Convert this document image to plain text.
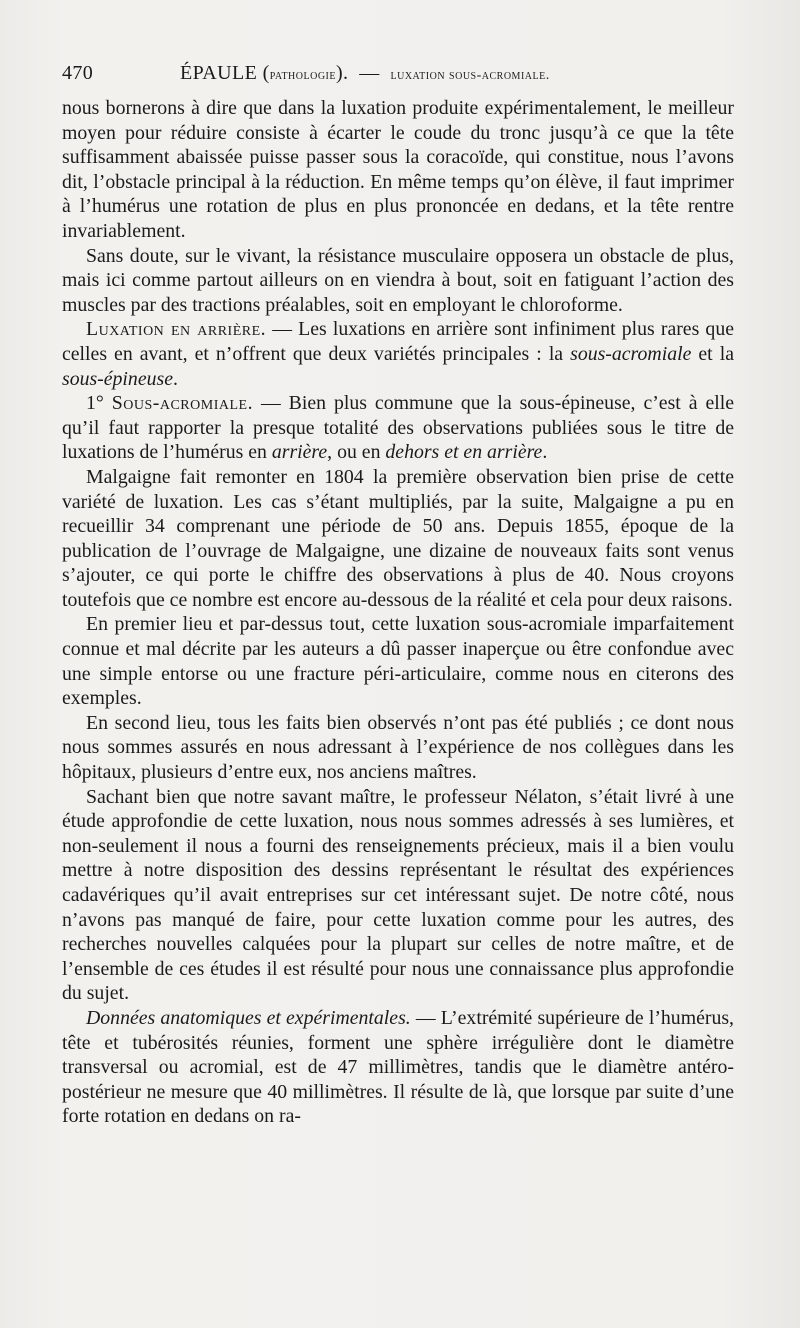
470	ÉPAULE (pathologie). — luxation sous-acromiale.

nous bornerons à dire que dans la luxation produite expérimentalement, le meilleur moyen pour réduire consiste à écarter le coude du tronc jusqu’à ce que la tête suffisamment abaissée puisse passer sous la coracoïde, qui constitue, nous l’avons dit, l’obstacle principal à la réduction. En même temps qu’on élève, il faut imprimer à l’humérus une rotation de plus en plus prononcée en dedans, et la tête rentre invariablement.

Sans doute, sur le vivant, la résistance musculaire opposera un obstacle de plus, mais ici comme partout ailleurs on en viendra à bout, soit en fatiguant l’action des muscles par des tractions préalables, soit en employant le chloroforme.

Luxation en arrière. — Les luxations en arrière sont infiniment plus rares que celles en avant, et n’offrent que deux variétés principales : la sous-acromiale et la sous-épineuse.

1° Sous-acromiale. — Bien plus commune que la sous-épineuse, c’est à elle qu’il faut rapporter la presque totalité des observations publiées sous le titre de luxations de l’humérus en arrière, ou en dehors et en arrière.

Malgaigne fait remonter en 1804 la première observation bien prise de cette variété de luxation. Les cas s’étant multipliés, par la suite, Malgaigne a pu en recueillir 34 comprenant une période de 50 ans. Depuis 1855, époque de la publication de l’ouvrage de Malgaigne, une dizaine de nouveaux faits sont venus s’ajouter, ce qui porte le chiffre des observations à plus de 40. Nous croyons toutefois que ce nombre est encore au-dessous de la réalité et cela pour deux raisons.

En premier lieu et par-dessus tout, cette luxation sous-acromiale imparfaitement connue et mal décrite par les auteurs a dû passer inaperçue ou être confondue avec une simple entorse ou une fracture péri-articulaire, comme nous en citerons des exemples.

En second lieu, tous les faits bien observés n’ont pas été publiés ; ce dont nous nous sommes assurés en nous adressant à l’expérience de nos collègues dans les hôpitaux, plusieurs d’entre eux, nos anciens maîtres.

Sachant bien que notre savant maître, le professeur Nélaton, s’était livré à une étude approfondie de cette luxation, nous nous sommes adressés à ses lumières, et non-seulement il nous a fourni des renseignements précieux, mais il a bien voulu mettre à notre disposition des dessins représentant le résultat des expériences cadavériques qu’il avait entreprises sur cet intéressant sujet. De notre côté, nous n’avons pas manqué de faire, pour cette luxation comme pour les autres, des recherches nouvelles calquées pour la plupart sur celles de notre maître, et de l’ensemble de ces études il est résulté pour nous une connaissance plus approfondie du sujet.

Données anatomiques et expérimentales. — L’extrémité supérieure de l’humérus, tête et tubérosités réunies, forment une sphère irrégulière dont le diamètre transversal ou acromial, est de 47 millimètres, tandis que le diamètre antéro-postérieur ne mesure que 40 millimètres. Il résulte de là, que lorsque par suite d’une forte rotation en dedans on ra-
